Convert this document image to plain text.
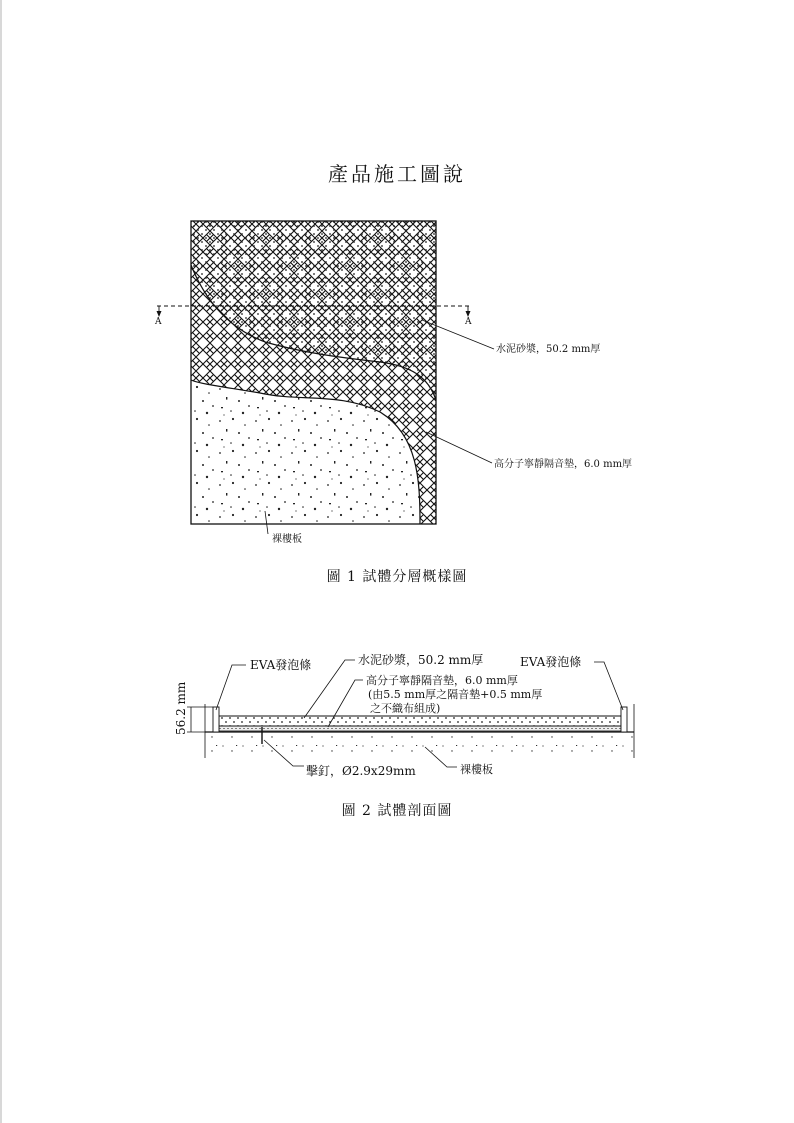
產品施工圖說
A	A
水泥砂漿，50.2 mm厚
高分子寧靜隔音墊，6.0 mm厚
裸樓板
56.2 mm
EVA發泡條	水泥砂漿，50.2 mm厚	EVA發泡條
高分子寧靜隔音墊，6.0 mm厚
(由5.5 mm厚之隔音墊+0.5 mm厚
之不織布組成)
擊釘，Ø2.9x29mm	裸樓板
圖 1 試體分層概樣圖
圖 2 試體剖面圖
